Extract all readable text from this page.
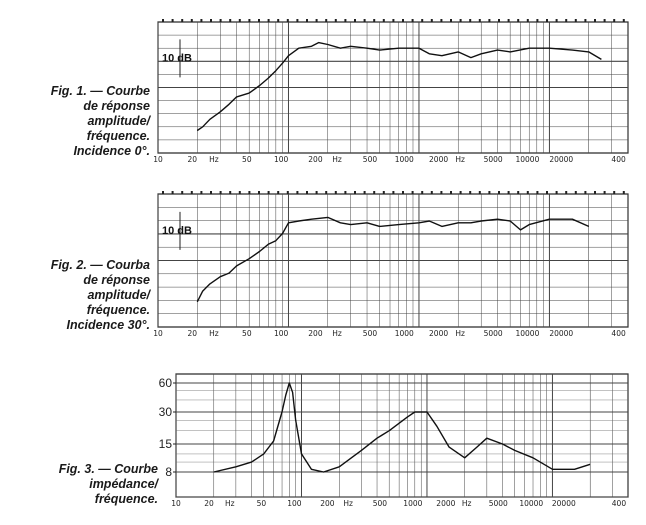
Fig. 1. — Courbe
de réponse
amplitude/
fréquence.
Incidence 0°.
Fig. 2. — Courba
de réponse
amplitude/
fréquence.
Incidence 30°.
Fig. 3. — Courbe
impédance/
fréquence.
10 dB
10	20 Hz	50	100	200 Hz	500 1000 2000 Hz 5000 10000 20000	400
10 dB
10	20 Hz	50	100	200 Hz	500 1000 2000 Hz 5000 10000 20000	400
60
30
15
8
10	20 Hz	50	100 200 Hz	500 1000 2000 Hz 5000 10000 20000	400
